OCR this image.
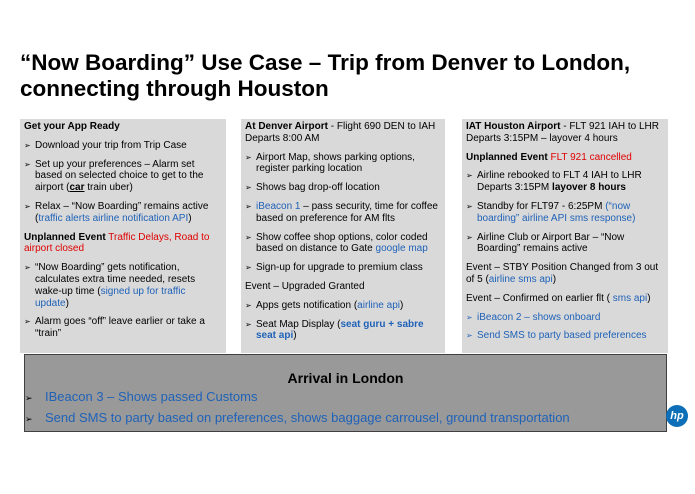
“Now Boarding” Use Case – Trip from Denver to London, connecting through Houston
Get your App Ready
➢ Download your trip from Trip Case
➢ Set up your preferences – Alarm set based on selected choice to get to the airport (car train uber)
➢ Relax – “Now Boarding” remains active (traffic alerts airline notification API)
Unplanned Event Traffic Delays, Road to airport closed
➢ “Now Boarding” gets notification, calculates extra time needed, resets wake-up time (signed up for traffic update)
➢ Alarm goes “off” leave earlier or take a “train”
At Denver Airport - Flight 690 DEN to IAH Departs 8:00 AM
➢ Airport Map, shows parking options, register parking location
➢ Shows bag drop-off location
➢ iBeacon 1 – pass security, time for coffee based on preference for AM flts
➢ Show coffee shop options, color coded based on distance to Gate google map
➢ Sign-up for upgrade to premium class
Event – Upgraded Granted
➢ Apps gets notification (airline api)
➢ Seat Map Display (seat guru + sabre seat api)
IAT Houston Airport - FLT 921 IAH to LHR Departs 3:15PM – layover 4 hours
Unplanned Event FLT 921 cancelled
➢ Airline rebooked to FLT 4 IAH to LHR Departs 3:15PM layover 8 hours
➢ Standby for FLT97 - 6:25PM (“now boarding” airline API sms response)
➢ Airline Club or Airport Bar – “Now Boarding” remains active
Event – STBY Position Changed from 3 out of 5 (airline sms api)
Event – Confirmed on earlier flt ( sms api)
➢ iBeacon 2 – shows onboard
➢ Send SMS to party based preferences
Arrival in London
➢ IBeacon 3 – Shows passed Customs
➢ Send SMS to party based on preferences, shows baggage carrousel, ground transportation	hp
